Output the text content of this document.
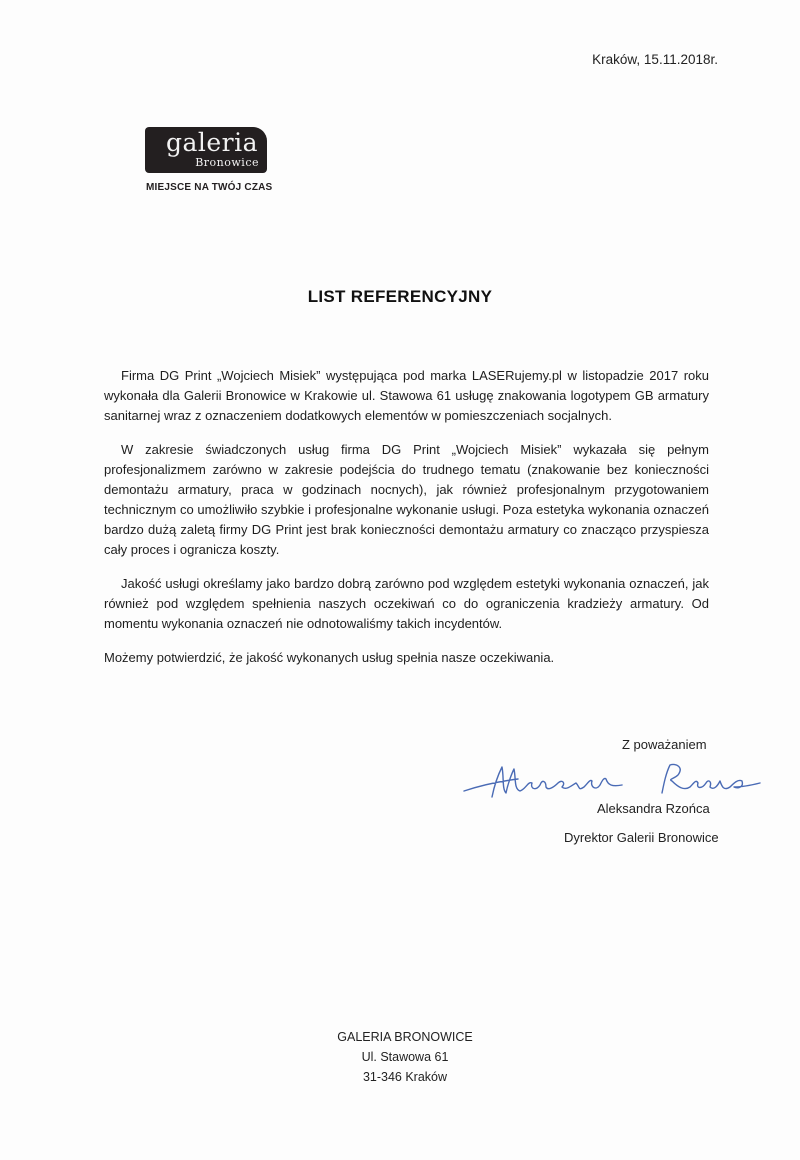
Kraków, 15.11.2018r.
galeria
Bronowice
MIEJSCE NA TWÓJ CZAS
LIST REFERENCYJNY

Firma DG Print „Wojciech Misiek” występująca pod marka LASERujemy.pl w listopadzie 2017 roku wykonała dla Galerii Bronowice w Krakowie ul. Stawowa 61 usługę znakowania logotypem GB armatury sanitarnej wraz z oznaczeniem dodatkowych elementów w pomieszczeniach socjalnych.

W zakresie świadczonych usług firma DG Print „Wojciech Misiek” wykazała się pełnym profesjonalizmem zarówno w zakresie podejścia do trudnego tematu (znakowanie bez konieczności demontażu armatury, praca w godzinach nocnych), jak również profesjonalnym przygotowaniem technicznym co umożliwiło szybkie i profesjonalne wykonanie usługi. Poza estetyka wykonania oznaczeń bardzo dużą zaletą firmy DG Print jest brak konieczności demontażu armatury co znacząco przyspiesza cały proces i ogranicza koszty.

Jakość usługi określamy jako bardzo dobrą zarówno pod względem estetyki wykonania oznaczeń, jak również pod względem spełnienia naszych oczekiwań co do ograniczenia kradzieży armatury. Od momentu wykonania oznaczeń nie odnotowaliśmy takich incydentów.

Możemy potwierdzić, że jakość wykonanych usług spełnia nasze oczekiwania.

Z poważaniem
Aleksandra Rzońca
Dyrektor Galerii Bronowice
GALERIA BRONOWICE
Ul. Stawowa 61
31-346 Kraków
